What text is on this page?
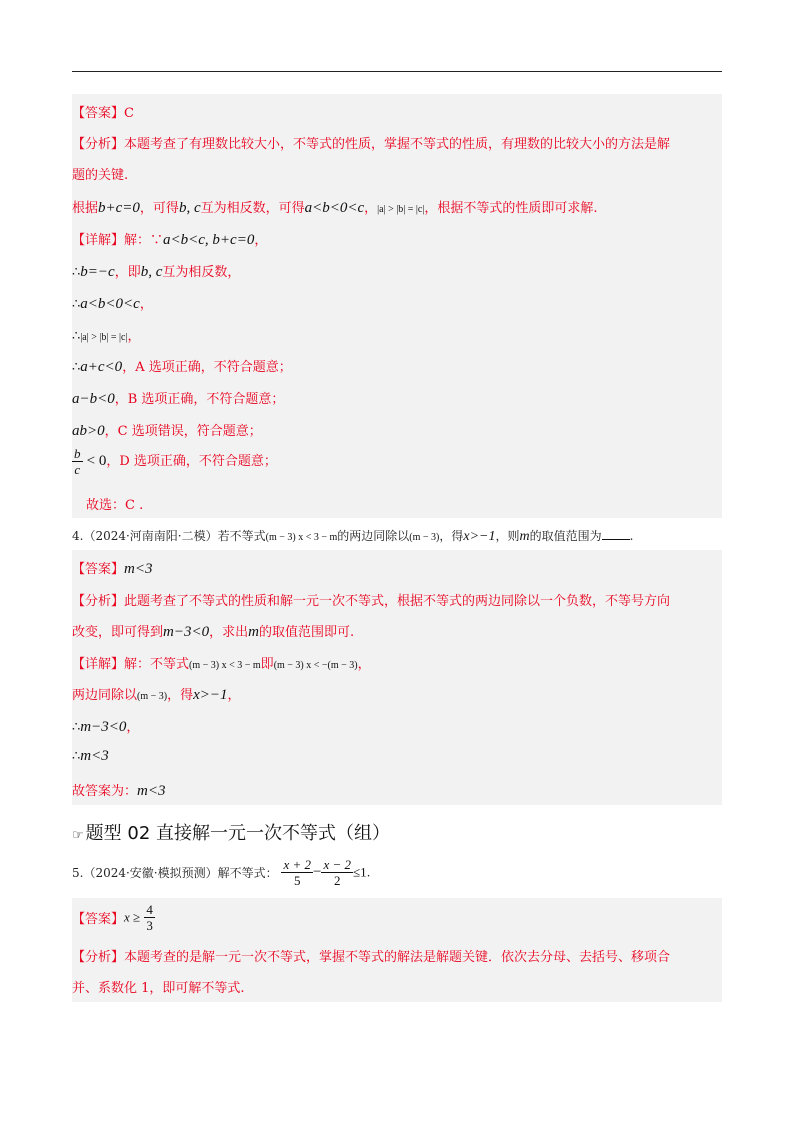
【答案】C
【分析】本题考查了有理数比较大小，不等式的性质，掌握不等式的性质，有理数的比较大小的方法是解
题的关键.
根据b+c=0，可得b, c互为相反数，可得a<b<0<c，|a| > |b| = |c|，根据不等式的性质即可求解.
【详解】解：∵a<b<c, b+c=0，
∴b=−c，即b, c互为相反数，
∴a<b<0<c，
∴|a| > |b| = |c|，
∴a+c<0，A 选项正确，不符合题意；
a−b<0，B 选项正确，不符合题意；
ab>0，C 选项错误，符合题意；
$\frac{b}{c} < 0$，D 选项正确，不符合题意；
故选：C .
4.（2024·河南南阳·二模）若不等式(m − 3) x < 3 − m的两边同除以(m − 3)，得x>−1，则m的取值范围为 .
【答案】m<3
【分析】此题考查了不等式的性质和解一元一次不等式，根据不等式的两边同除以一个负数，不等号方向
改变，即可得到m−3<0，求出m的取值范围即可.
【详解】解：不等式(m − 3) x < 3 − m即(m − 3) x < −(m − 3)，
两边同除以(m − 3)，得x>−1，
∴m−3<0，
∴m<3
故答案为：m<3
☞ 题型 02 直接解一元一次不等式（组）
5.（2024·安徽·模拟预测）解不等式： $\frac{x + 2}{5} - \frac{x - 2}{2} \le 1$.
【答案】$x \ge \frac{4}{3}$
【分析】本题考查的是解一元一次不等式，掌握不等式的解法是解题关键．依次去分母、去括号、移项合
并、系数化 1，即可解不等式.
